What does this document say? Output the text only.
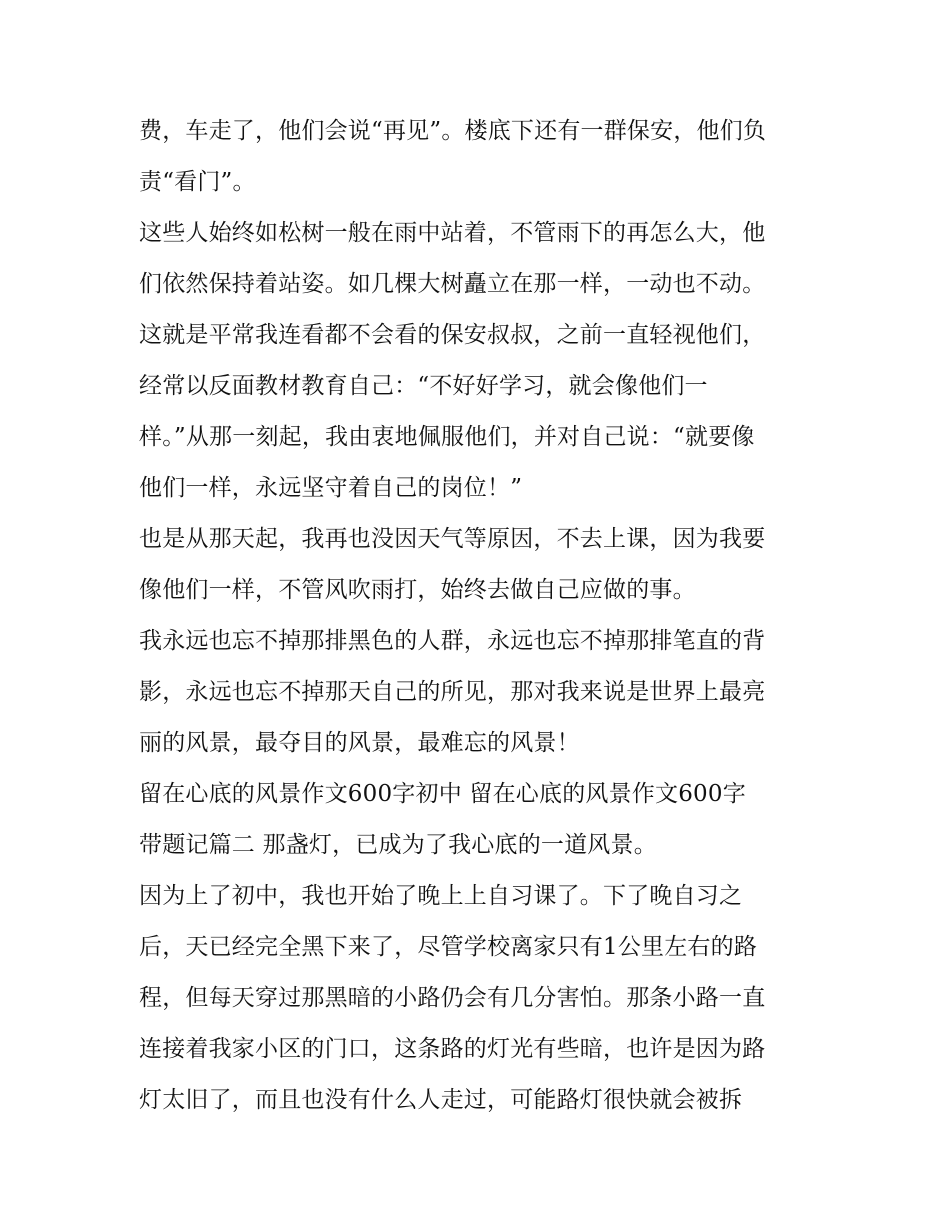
费，车走了，他们会说“再见”。楼底下还有一群保安，他们负
责“看门”。
这些人始终如松树一般在雨中站着，不管雨下的再怎么大，他
们依然保持着站姿。如几棵大树矗立在那一样，一动也不动。
这就是平常我连看都不会看的保安叔叔，之前一直轻视他们，
经常以反面教材教育自己：“不好好学习，就会像他们一
样。”从那一刻起，我由衷地佩服他们，并对自己说：“就要像
他们一样，永远坚守着自己的岗位！”
也是从那天起，我再也没因天气等原因，不去上课，因为我要
像他们一样，不管风吹雨打，始终去做自己应做的事。
我永远也忘不掉那排黑色的人群，永远也忘不掉那排笔直的背
影，永远也忘不掉那天自己的所见，那对我来说是世界上最亮
丽的风景，最夺目的风景，最难忘的风景！
留在心底的风景作文600字初中 留在心底的风景作文600字
带题记篇二 那盏灯，已成为了我心底的一道风景。
因为上了初中，我也开始了晚上上自习课了。下了晚自习之
后，天已经完全黑下来了，尽管学校离家只有1公里左右的路
程，但每天穿过那黑暗的小路仍会有几分害怕。那条小路一直
连接着我家小区的门口，这条路的灯光有些暗，也许是因为路
灯太旧了，而且也没有什么人走过，可能路灯很快就会被拆
